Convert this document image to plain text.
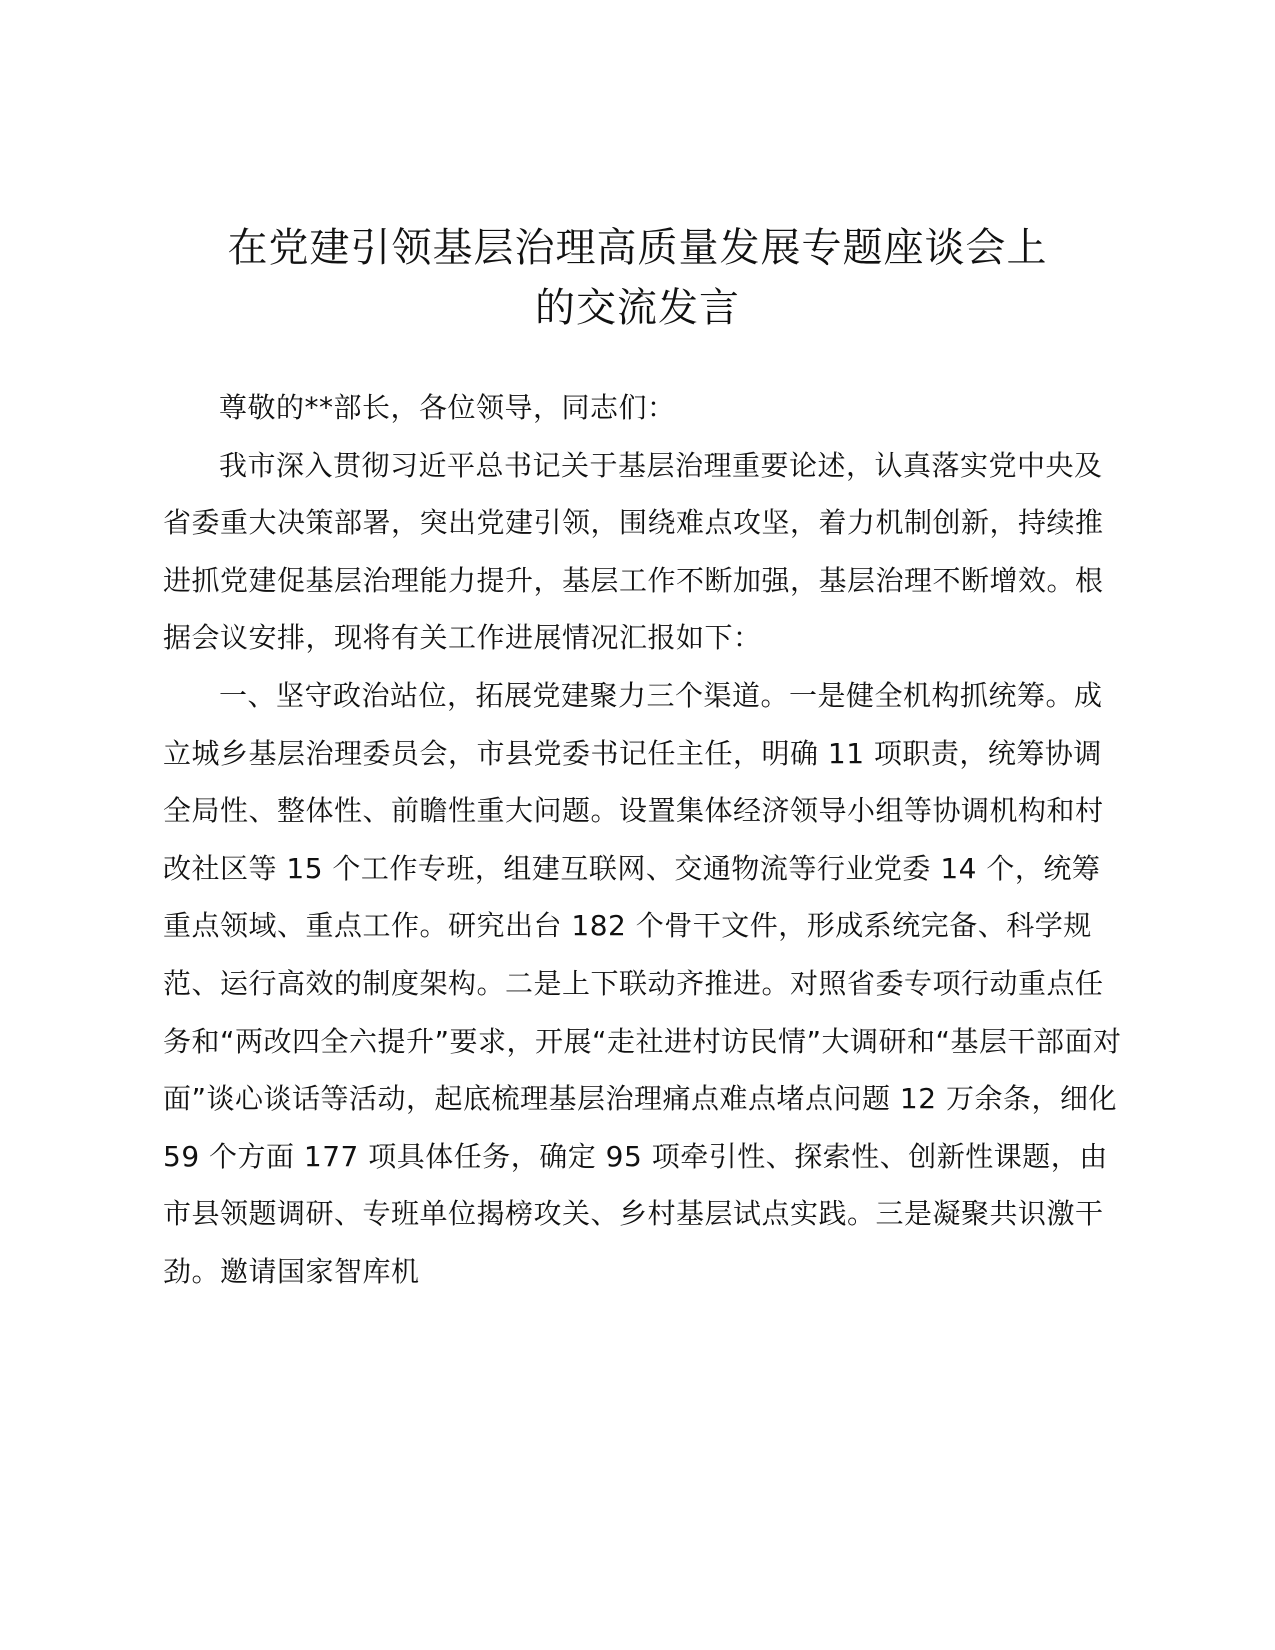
在党建引领基层治理高质量发展专题座谈会上
的交流发言

尊敬的**部长，各位领导，同志们：

我市深入贯彻习近平总书记关于基层治理重要论述，认真落实党中央及省委重大决策部署，突出党建引领，围绕难点攻坚，着力机制创新，持续推进抓党建促基层治理能力提升，基层工作不断加强，基层治理不断增效。根据会议安排，现将有关工作进展情况汇报如下：

一、坚守政治站位，拓展党建聚力三个渠道。一是健全机构抓统筹。成立城乡基层治理委员会，市县党委书记任主任，明确 11 项职责，统筹协调全局性、整体性、前瞻性重大问题。设置集体经济领导小组等协调机构和村改社区等 15 个工作专班，组建互联网、交通物流等行业党委 14 个，统筹重点领域、重点工作。研究出台 182 个骨干文件，形成系统完备、科学规范、运行高效的制度架构。二是上下联动齐推进。对照省委专项行动重点任务和“两改四全六提升”要求，开展“走社进村访民情”大调研和“基层干部面对面”谈心谈话等活动，起底梳理基层治理痛点难点堵点问题 12 万余条，细化 59 个方面 177 项具体任务，确定 95 项牵引性、探索性、创新性课题，由市县领题调研、专班单位揭榜攻关、乡村基层试点实践。三是凝聚共识激干劲。邀请国家智库机
